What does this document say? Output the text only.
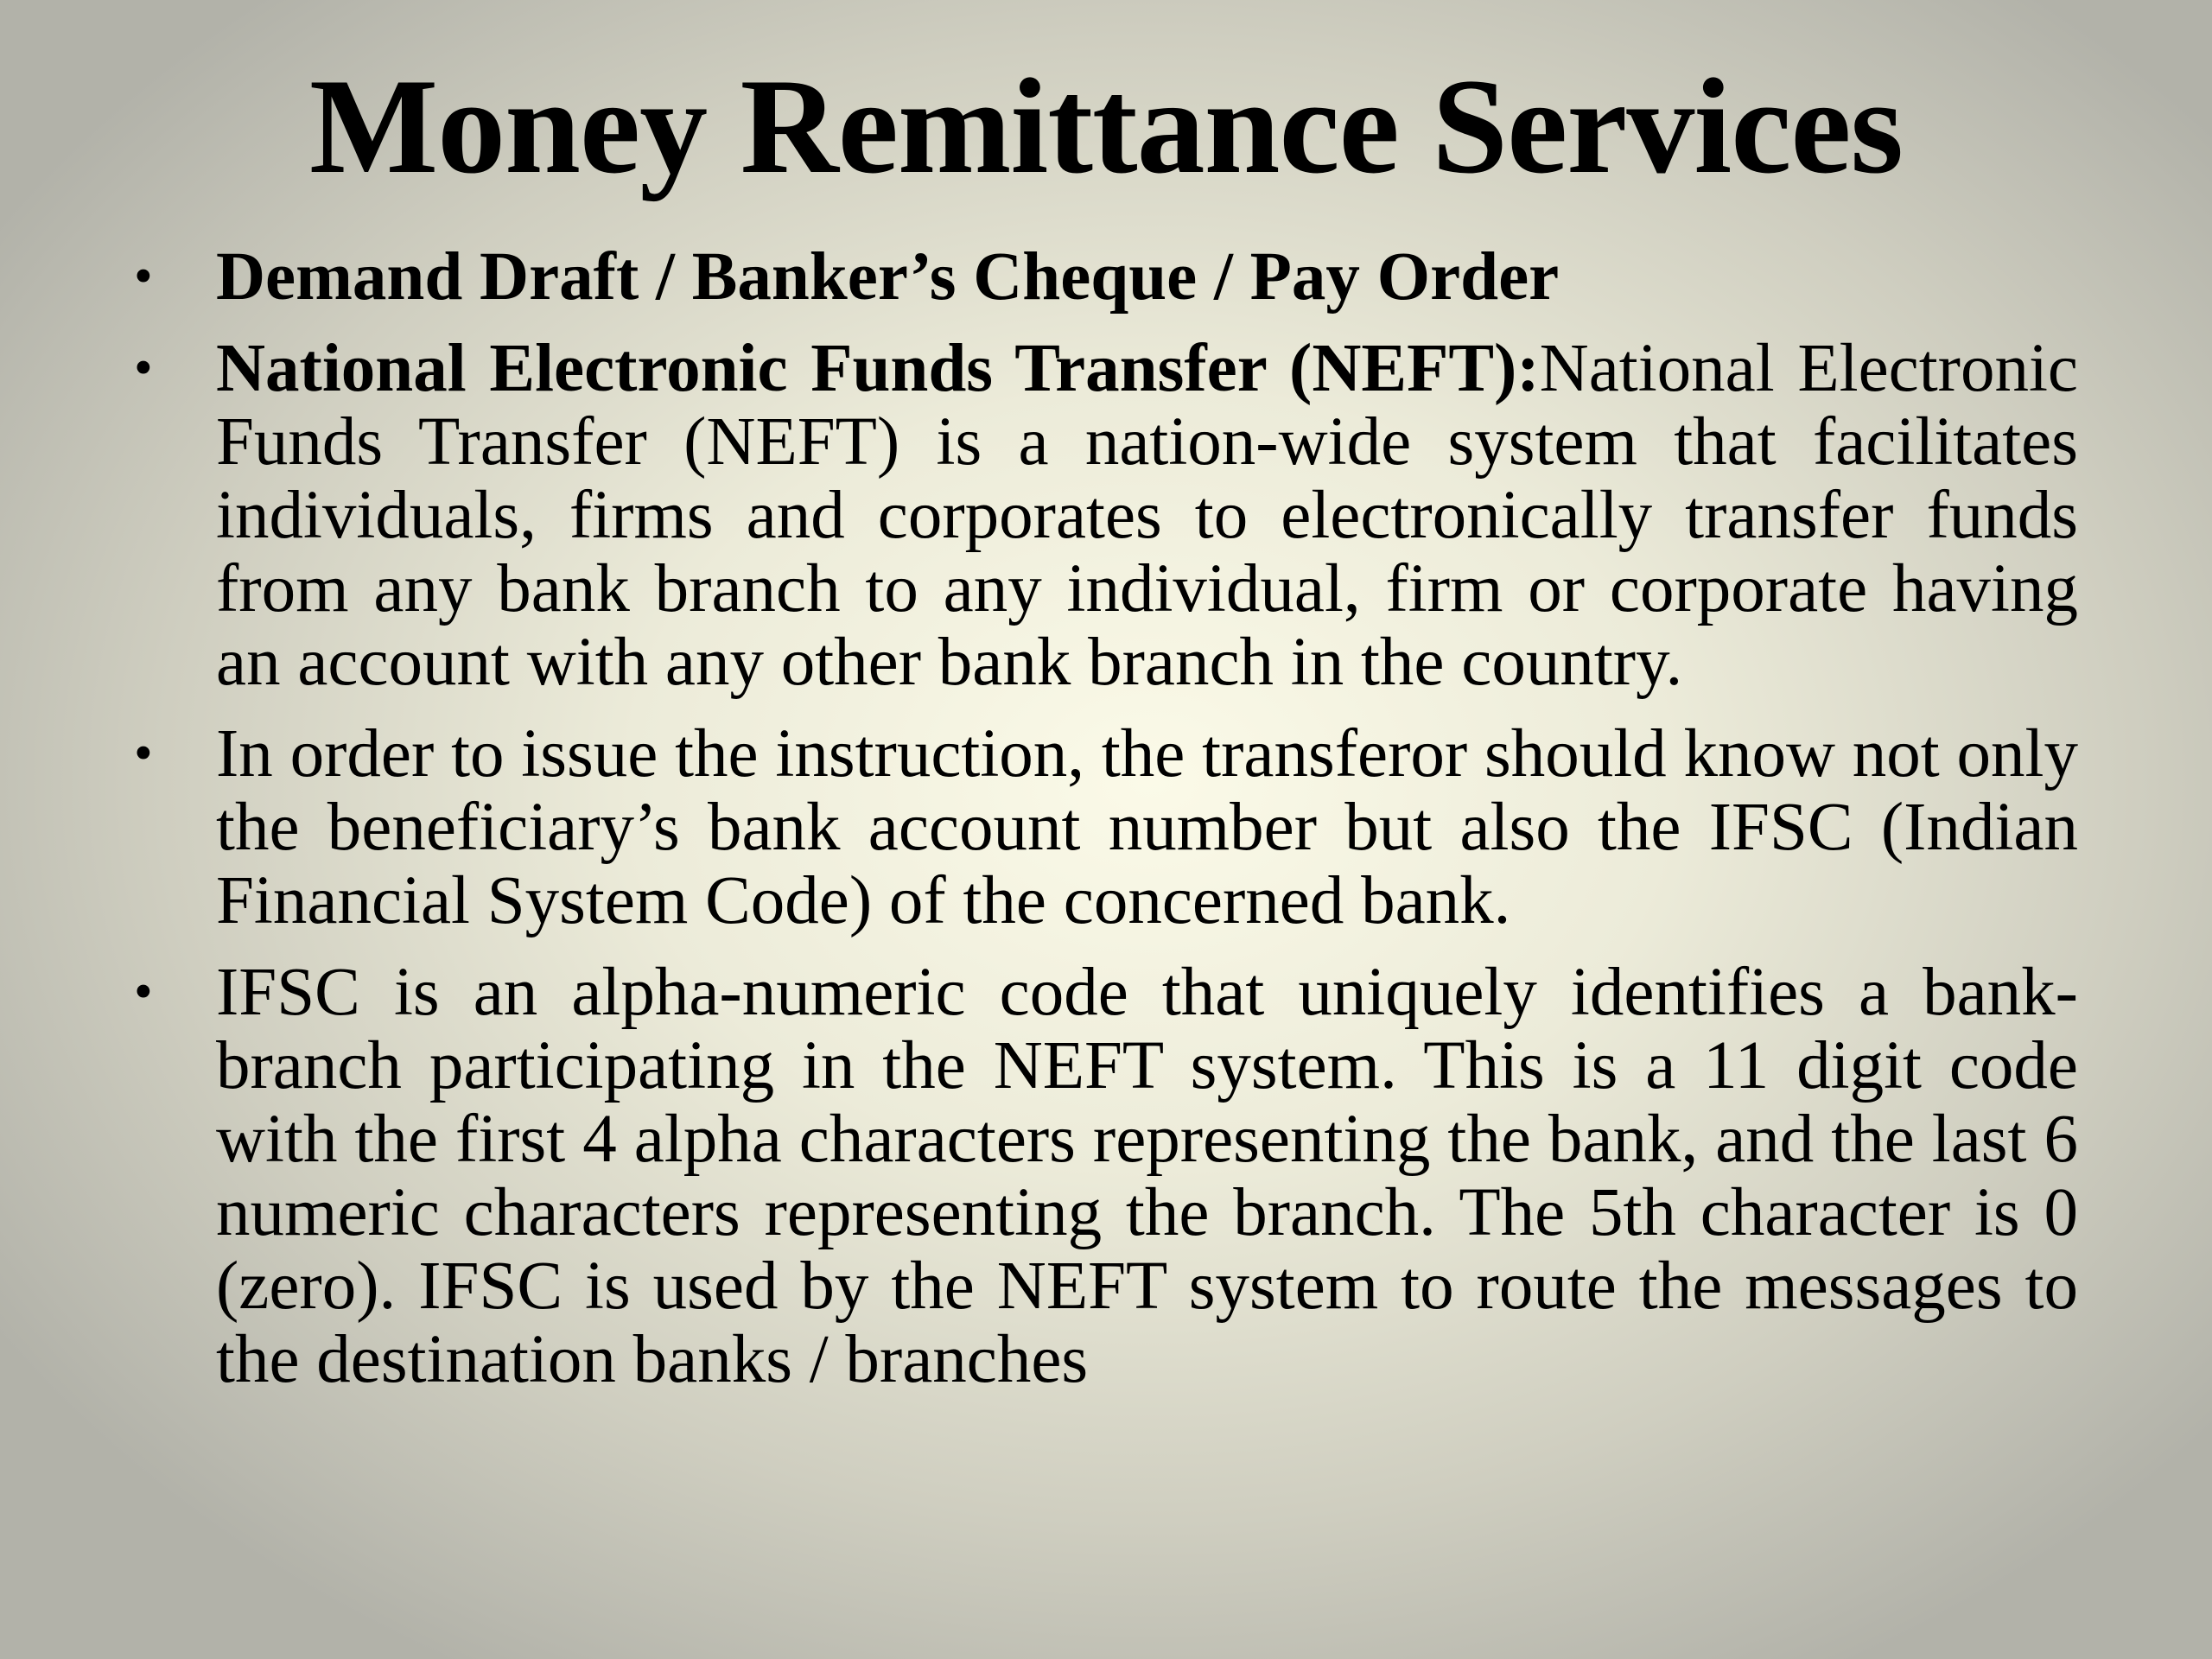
Money Remittance Services
• Demand Draft / Banker’s Cheque / Pay Order
• National Electronic Funds Transfer (NEFT):National Electronic Funds Transfer (NEFT) is a nation-wide system that facilitates individuals, firms and corporates to electronically transfer funds from any bank branch to any individual, firm or corporate having an account with any other bank branch in the country.
• In order to issue the instruction, the transferor should know not only the beneficiary’s bank account number but also the IFSC (Indian Financial System Code) of the concerned bank.
• IFSC is an alpha-numeric code that uniquely identifies a bank-branch participating in the NEFT system. This is a 11 digit code with the first 4 alpha characters representing the bank, and the last 6 numeric characters representing the branch. The 5th character is 0 (zero). IFSC is used by the NEFT system to route the messages to the destination banks / branches
